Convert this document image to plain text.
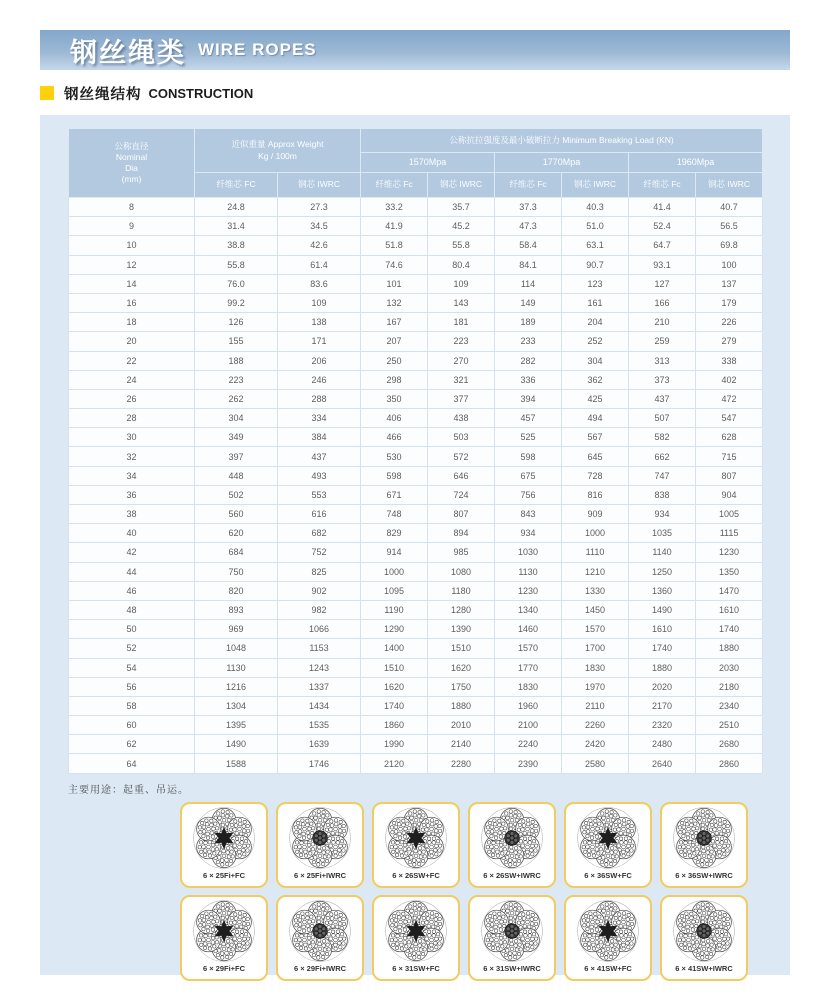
钢丝绳类 WIRE ROPES
钢丝绳结构 CONSTRUCTION
公称直径
Nominal
Dia
(mm)

近似重量 Approx Weight
Kg / 100m
	公称抗拉强度及最小破断拉力 Minimum Breaking Load (KN)
			1570Mpa		1770Mpa		1960Mpa	
	纤维芯 FC	钢芯 IWRC	纤维芯 Fc	钢芯 IWRC	纤维芯 Fc	钢芯 IWRC	纤维芯 Fc	钢芯 IWRC
8	24.8	27.3	33.2	35.7	37.3	40.3	41.4	40.7
9	31.4	34.5	41.9	45.2	47.3	51.0	52.4	56.5
10	38.8	42.6	51.8	55.8	58.4	63.1	64.7	69.8
12	55.8	61.4	74.6	80.4	84.1	90.7	93.1	100
14	76.0	83.6	101	109	114	123	127	137
16	99.2	109	132	143	149	161	166	179
18	126	138	167	181	189	204	210	226
20	155	171	207	223	233	252	259	279
22	188	206	250	270	282	304	313	338
24	223	246	298	321	336	362	373	402
26	262	288	350	377	394	425	437	472
28	304	334	406	438	457	494	507	547
30	349	384	466	503	525	567	582	628
32	397	437	530	572	598	645	662	715
34	448	493	598	646	675	728	747	807
36	502	553	671	724	756	816	838	904
38	560	616	748	807	843	909	934	1005
40	620	682	829	894	934	1000	1035	1115
42	684	752	914	985	1030	1110	1140	1230
44	750	825	1000	1080	1130	1210	1250	1350
46	820	902	1095	1180	1230	1330	1360	1470
48	893	982	1190	1280	1340	1450	1490	1610
50	969	1066	1290	1390	1460	1570	1610	1740
52	1048	1153	1400	1510	1570	1700	1740	1880
54	1130	1243	1510	1620	1770	1830	1880	2030
56	1216	1337	1620	1750	1830	1970	2020	2180
58	1304	1434	1740	1880	1960	2110	2170	2340
60	1395	1535	1860	2010	2100	2260	2320	2510
62	1490	1639	1990	2140	2240	2420	2480	2680
64	1588	1746	2120	2280	2390	2580	2640	2860
主要用途：起重、吊运。
6 × 25Fi+FC	6 × 25Fi+IWRC	6 × 26SW+FC	6 × 26SW+IWRC	6 × 36SW+FC	6 × 36SW+IWRC
6 × 29Fi+FC	6 × 29Fi+IWRC	6 × 31SW+FC	6 × 31SW+IWRC	6 × 41SW+FC	6 × 41SW+IWRC
